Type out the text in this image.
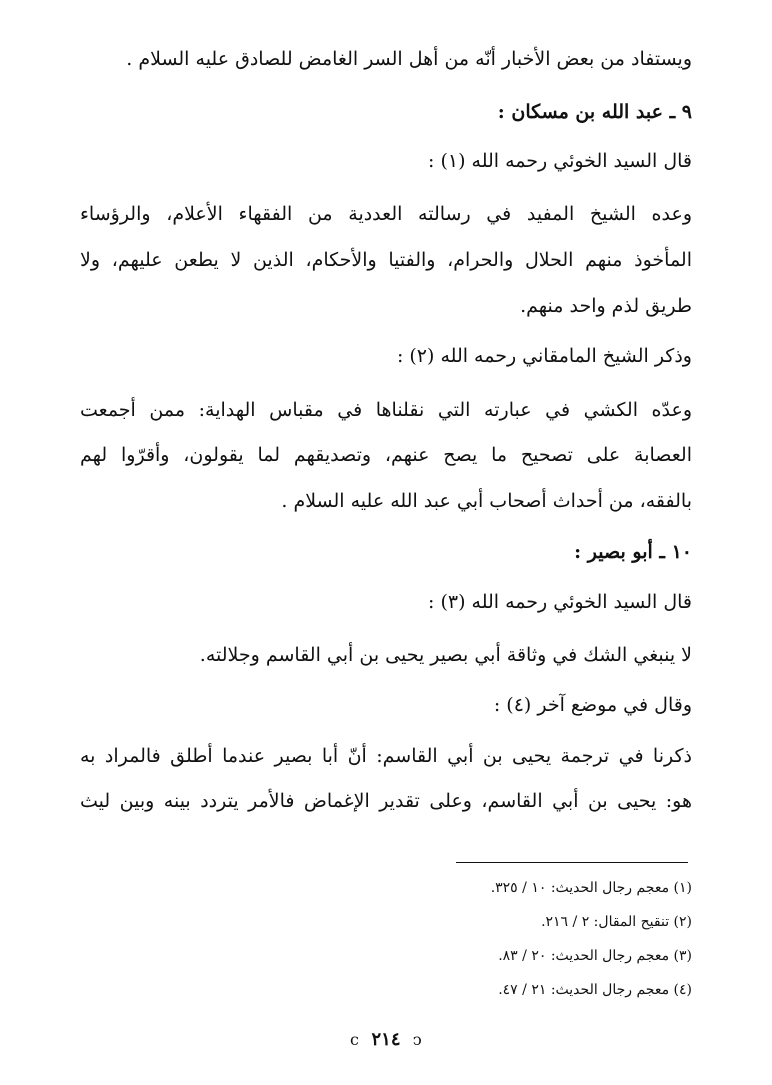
ويستفاد من بعض الأخبار أنّه من أهل السر الغامض للصادق عليه السلام .
٩ ـ عبد الله بن مسكان :
قال السيد الخوئي رحمه الله (١) :
وعده الشيخ المفيد في رسالته العددية من الفقهاء الأعلام، والرؤساء
المأخوذ منهم الحلال والحرام، والفتيا والأحكام، الذين لا يطعن عليهم، ولا
طريق لذم واحد منهم.
وذكر الشيخ المامقاني رحمه الله (٢) :
وعدّه الكشي في عبارته التي نقلناها في مقباس الهداية: ممن أجمعت
العصابة على تصحيح ما يصح عنهم، وتصديقهم لما يقولون، وأقرّوا لهم
بالفقه، من أحداث أصحاب أبي عبد الله عليه السلام .
١٠ ـ أبو بصير :
قال السيد الخوئي رحمه الله (٣) :
لا ينبغي الشك في وثاقة أبي بصير يحيى بن أبي القاسم وجلالته.
وقال في موضع آخر (٤) :
ذكرنا في ترجمة يحيى بن أبي القاسم: أنّ أبا بصير عندما أطلق فالمراد به
هو: يحيى بن أبي القاسم، وعلى تقدير الإغماض فالأمر يتردد بينه وبين ليث
(١) معجم رجال الحديث: ١٠ / ٣٢٥.
(٢) تنقيح المقال: ٢ / ٢١٦.
(٣) معجم رجال الحديث: ٢٠ / ٨٣.
(٤) معجم رجال الحديث: ٢١ / ٤٧.
ↄ ٢١٤ ↄ
